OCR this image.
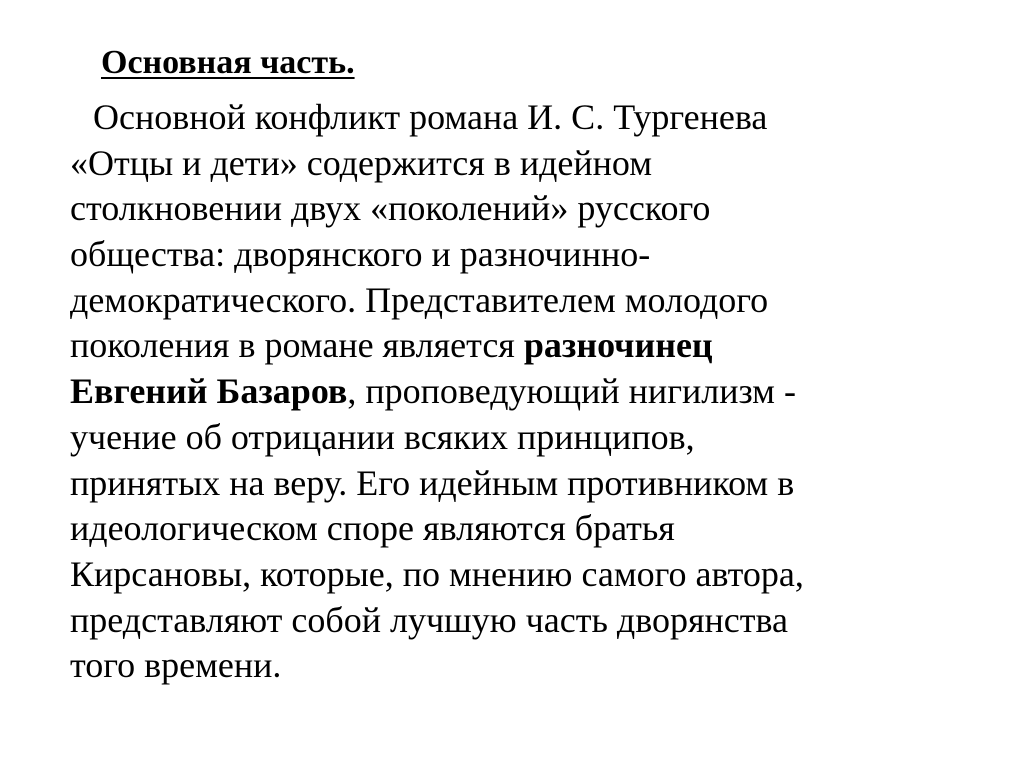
Основная часть.
Основной конфликт романа И. С. Тургенева
«Отцы и дети» содержится в идейном
столкновении двух «поколений» русского
общества: дворянского и разночинно-
демократического. Представителем молодого
поколения в романе является разночинец
Евгений Базаров, проповедующий нигилизм -
учение об отрицании всяких принципов,
принятых на веру. Его идейным противником в
идеологическом споре являются братья
Кирсановы, которые, по мнению самого автора,
представляют собой лучшую часть дворянства
того времени.
